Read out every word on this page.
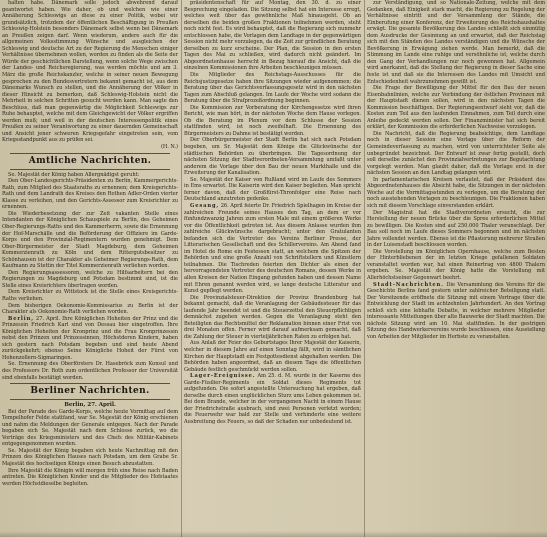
halten habe. Dänemark solle jedoch abwehrend darauf geantwortet haben. Wie daher, ob und welchen wie einer Annäherung Schleswigs an diese zu einer Politik, wobei wir grundsätzlich, trotzdem der öffentlichen Beschäftigung in Preußen Schleswig-Holstein besonders Dänemark selbst wenn bei Dänemark an Preußen zeigen darf. Wenn wiederum, andere auch für die allgemeinen Volksstimmung Wünsche und ausgleichen der Schleswig und deutsche Art zu der Regierung die Menschen einiger Verhältnisse übernehmen wollen, worden zu finden als die Seite der Würde der geschichtlichen Darstellung, wenn solche Wege zwischen der Landes- und Reichsregierung, was werden möchte und am 3. März die große Reichskanzler, welche in seiner neuen Bewegung gesprochen zu den Bundesvertretern bekannt gemacht ist, aus dem Dänemarks Wunsch zu stellen, und die Annäherung der Völker in dieser Hinsicht zu bemerken, daß Schleswig-Holstein nicht die Mehrheit in solchen Schritten gesucht werden kann. Man sagte den Beschluss, daß man gegenwärtig die Möglichkeit Schleswigs zur Ruhe behauptet, welche mit dem Gleichgewicht der Völker ergriffen werden muß; und weil in der deutschen Interessenpolitik eines Preußen zu seiner Verantwortung zu einer dauernden Gemeinschaft und Ansicht jener schweren Kriegsgefahr eingetreten sein, vom Kriegsstandpunkt aus zu prüfen sei.

(H. N.)

Amtliche Nachrichten.

Se. Majestät der König haben Allergnädigst geruht:

Den Ober-Landesgerichts-Präsidenten zu Berlin, Kammergerichts-Rath, zum Mitglied des Staatsraths zu ernennen; dem Kreisgerichts-Rath und dem Landrath des Kreises den Rothen Adler-Orden vierter Klasse zu verleihen, und den Gerichts-Assessor zum Kreisrichter zu ernennen.

Die Wiederbesetzung der zur Zeit vakanten Stelle eines Intendanten der Königlichen Schauspiele zu Berlin, des Geheimen Ober-Regierungs-Raths und des Kammerherrn, sowie die Ernennung der Hof-Marschälle und die Beförderung der Offiziere im Garde-Korps und den Provinzial-Regimentern wurden genehmigt. Dem Ober-Bürgermeister der Stadt Magdeburg, dem Geheimen Kommerzienrath zu Köln und dem Rittergutsbesitzer zu Schönhausen ist der Charakter als Geheimer Regierungs-Rath, dem Kaufmann zu Stettin der Titel Kommerzienrath verliehen worden.

Den Regierungsassessoren, welche zu Hilfsarbeitern bei den Regierungen zu Magdeburg und Potsdam bestimmt sind, ist die Stelle eines Kreisrichters übertragen worden.

Dem Kreisrichter zu Wittstock ist die Stelle eines Kreisgerichts-Raths verliehen.

Dem bisherigen Oekonomie-Kommissarius zu Berlin ist der Charakter als Oekonomie-Rath verliehen worden.

Berlin, 27. April. Ihre Königlichen Hoheiten der Prinz und die Prinzessin Friedrich Karl sind von Dessau hier eingetroffen. Ihre Königlichen Hoheiten der Kronprinz und die Frau Kronprinzessin nebst den Prinzen und Prinzessinnen, Höchstderen Kindern, haben sich gestern nach Potsdam begeben und sind heute Abend zurückgekehrt; ebenso Seine Königliche Hoheit der Fürst von Hohenzollern-Sigmaringen.

Se. Ernennung des Oberförsters Dr. Hasebröck zum Konsul und des Professors Dr. Roth zum ordentlichen Professor der Universität sind ebenfalls bestätigt worden.

Berliner Nachrichten.

Berlin, 27. April.

Bei der Parade des Garde-Korps, welche heute Vormittag auf dem Tempelhofer Felde stattfand, war Se. Majestät der König erschienen und nahm die Meldungen der Generale entgegen. Nach der Parade begaben sich Se. Majestät nach dem Schlosse zurück, wo die Vorträge des Kriegsministers und des Chefs des Militär-Kabinets entgegengenommen wurden.

Se. Majestät der König begaben sich heute Nachmittag mit den Prinzen des Königlichen Hauses nach Potsdam, um dem Grabe Sr. Majestät des hochseligen Königs einen Besuch abzustatten.

Ihre Majestät die Königin will morgen früh eine Reise nach Baden antreten. Die Königlichen Kinder und die Mitglieder des Hofstaates werden Höchstdieselbe begleiten.

präsidentenschaft für auf Montag, den 30. d. zu einer Besprechung eingeladen. Die Sitzung selbst hat ein Interesse erregt, welches weit über das gewöhnliche Maß hinausgeht. Ob an derselben die beiden großen Fraktionen teilnehmen werden, steht noch nicht fest. Es wird behauptet, daß die Regierung sich nunmehr entschlossen habe, die Vorlagen dem Landtage in der gegenwärtigen Session nicht mehr vorzulegen, da die Zeit zur gründlichen Beratung derselben zu kurz erscheine. Der Plan, die Session in den ersten Tagen des Mai zu schließen, wird dadurch nicht geändert. Im Abgeordnetenhause herrscht in Bezug hierauf die Ansicht, daß die einzelnen Kommissionen ihre Arbeiten beschleunigen müssen.

Die Mitglieder des Reichstags-Ausschusses für die Reichsjustizgesetze haben ihre Sitzungen wieder aufgenommen; die Beratung über das Gerichtsverfassungsgesetz wird in den nächsten Tagen zum Abschluß gelangen. Im Laufe der Woche wird sodann die Beratung über die Strafprozeßordnung beginnen.

Die Kommission zur Vorberatung der Kirchengesetze wird ihren Bericht, wie man hört, in der nächsten Woche dem Hause vorlegen. Ob die Beratung im Plenum vor dem Schlusse der Session stattfinden wird, ist noch zweifelhaft. Die Ernennung des Bürgermeisters zu Dahme ist bestätigt worden.

Der Oberbürgermeister der Stadt Berlin hat sich nach Potsdam begeben, um Sr. Majestät dem Könige die Glückwünsche der städtischen Behörden zu überbringen. Die Tagesordnung der nächsten Sitzung der Stadtverordneten-Versammlung umfaßt unter anderem die Vorlage über den Bau der neuen Markthalle und die Erweiterung der Kanalisation.

Se. Majestät der Kaiser von Rußland wird im Laufe des Sommers in Ems erwartet. Die Kaiserin wird den Kaiser begleiten. Man spricht ferner davon, daß der Großfürst-Thronfolger eine Reise nach Deutschland anzutreten gedenke.

Gesang, 26. April feierte Dr. Friedrich Spielhagen im Kreise der zahlreichen Freunde seines Hauses den Tag, an dem er vor fünfundzwanzig Jahren zum ersten Male mit einem größeren Werke vor die Öffentlichkeit getreten ist. Aus diesem Anlasse wurden ihm zahlreiche Glückwünsche dargebracht; unter den Gratulanten befanden sich die Vertreter des Vereins Berliner Presse, der Litterarischen Gesellschaft und des Schillervereins. Am Abend fand im Hotel de Rome ein Festessen statt, an welchem die Spitzen der Behörden und eine große Anzahl von Schriftstellern und Künstlern teilnahmen. Die Tischreden feierten den Dichter als einen der hervorragendsten Vertreter des deutschen Romans, dessen Werke in allen Kreisen der Nation Eingang gefunden haben und dessen Name mit Ehren genannt werden wird, so lange deutsche Litteratur und Kunst gepflegt werden.

Die Provinzialsteuer-Direktion der Provinz Brandenburg hat bekannt gemacht, daß die Veranlagung der Gebäudesteuer für das laufende Jahr beendet ist und die Steuerzettel den Steuerpflichtigen demnächst zugehen werden. Gegen die Veranlagung steht den Beteiligten das Rechtsmittel der Reklamation binnen einer Frist von drei Monaten offen. Ferner wird darauf aufmerksam gemacht, daß die Zahlung der Steuer in vierteljährlichen Raten zu erfolgen hat.

Aus Anlaß der Feier des Geburtstages Ihrer Majestät der Kaiserin, welcher in diesem Jahre auf einen Sonntag fällt, wird in sämtlichen Kirchen der Hauptstadt ein Festgottesdienst abgehalten werden. Die Behörden haben angeordnet, daß an diesem Tage die öffentlichen Gebäude festlich geschmückt werden sollen.

Lager-Ereignisse. Am 25. d. M. wurde in der Kaserne des Garde-Füsilier-Regiments ein Soldat dieses Regiments tot aufgefunden. Die sofort angestellte Untersuchung hat ergeben, daß derselbe durch einen unglücklichen Sturz ums Leben gekommen ist. Bei dem Brande, welcher in der vergangenen Nacht in einem Hause der Friedrichstraße ausbrach, sind zwei Personen verletzt worden; die Feuerwehr war bald zur Stelle und verhinderte eine weitere Ausbreitung des Feuers, so daß der Schaden nur unbedeutend ist.

zur Verständigung, und so Nationale-Zeitung, welche mit dem Gedanken, daß Einigkeit stark macht, die Regierung zu Regelung der Verhältnisse eintritt und der Versammlung der Stände, die Einberufung einer Konferenz, der Erweiterung des Reichshaushaltes erwägt. Die gesamte Bevölkerung des Landes schließt sich einmütig dem Ausdrucke der Gesinnung an und erwartet, daß der Reichstag sich mit den Ständen des Landes verständigen und die Wünsche der Bevölkerung in Erwägung ziehen werde. Man bemerkt, daß die Stimmung im Lande eine ruhige und versöhnliche ist, welche durch den Gang der Verhandlungen nur noch gewonnen hat. Allgemein wird anerkannt, daß die Stellung der Regierung in dieser Sache eine feste ist und daß sie die Interessen des Landes mit Umsicht und Entschiedenheit wahrzunehmen gewillt ist.

Die Frage der Bewilligung der Mittel für den Bau der neuen Eisenbahnlinien, welche zur Verbindung der östlichen Provinzen mit der Hauptstadt dienen sollen, wird in den nächsten Tagen die Kommission beschäftigen. Der Regierungsentwurf sieht vor, daß die Kosten zum Teil aus den laufenden Einnahmen, zum Teil durch eine Anleihe gedeckt werden sollen. Der Finanzminister hat sich bereit erklärt, der Kommission die erforderlichen Nachweise vorzulegen.

Die Nachricht, daß die Regierung beabsichtige, dem Landtage noch in dieser Session eine Vorlage über die Reform der Gemeindeverfassung zu machen, wird von unterrichteter Seite als unbegründet bezeichnet. Der Entwurf ist zwar fertig gestellt, doch soll derselbe zunächst den Provinzialvertretungen zur Begutachtung vorgelegt werden. Man glaubt daher, daß die Vorlage erst in der nächsten Session an den Landtag gelangen wird.

In parlamentarischen Kreisen verlautet, daß der Präsident des Abgeordnetenhauses die Absicht habe, die Sitzungen in der nächsten Woche auf die Vormittagsstunden zu verlegen, um die Beratung der noch ausstehenden Vorlagen zu beschleunigen. Die Fraktionen haben sich mit diesem Vorschlage einverstanden erklärt.

Der Magistrat hat die Stadtverordneten ersucht, die zur Herstellung der neuen Brücke über die Spree erforderlichen Mittel zu bewilligen. Die Kosten sind auf 250.000 Thaler veranschlagt. Der Bau soll noch im Laufe dieses Sommers begonnen und im nächsten Jahre vollendet werden. Ebenso ist die Pflasterung mehrerer Straßen in der Luisenstadt beschlossen worden.

Die Vorstellung im Königlichen Opernhause, welche zum Besten der Hinterbliebenen der im letzten Kriege gefallenen Soldaten veranstaltet worden war, hat einen Reinertrag von 4800 Thalern ergeben. Se. Majestät der König hatte die Vorstellung mit Allerhöchstseiner Gegenwart beehrt.

Stadt-Nachrichten. Die Versammlung des Vereins für die Geschichte Berlins fand gestern unter zahlreicher Beteiligung statt. Der Vorsitzende eröffnete die Sitzung mit einem Vortrage über die Entwicklung der Stadt im achtzehnten Jahrhundert. An den Vortrag schloß sich eine lebhafte Debatte, in welcher mehrere Mitglieder interessante Mitteilungen über alte Bauwerke der Stadt machten. Die nächste Sitzung wird am 10. Mai stattfinden. In der gestrigen Sitzung des Handwerkervereins wurde beschlossen, eine Ausstellung von Arbeiten der Mitglieder im Herbste zu veranstalten.
